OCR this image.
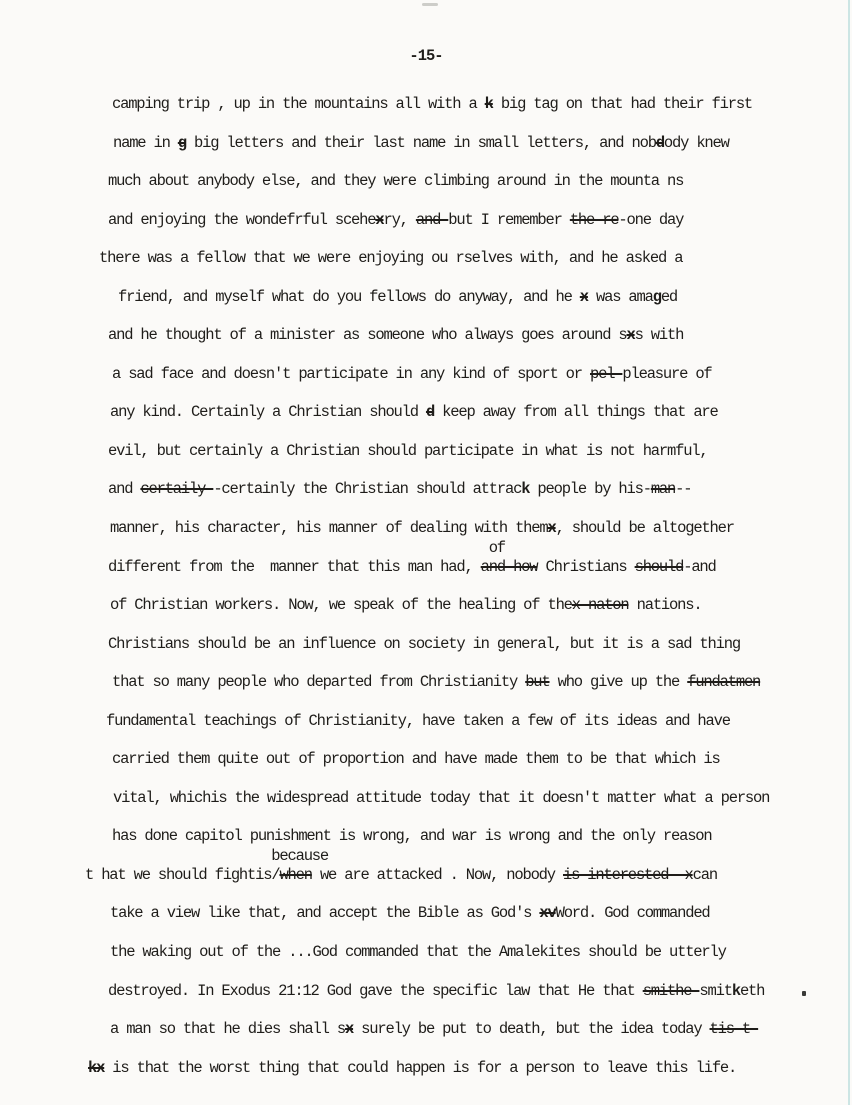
-15-
camping trip , up in the mountains all with a k big tag on that had their first
name in g big letters and their last name in small letters, and nobdody knew
much about anybody else, and they were climbing around in the mounta ns
and enjoying the wondefrful scehexry, and-but I remember the-re-one day
there was a fellow that we were enjoying ou rselves with, and he asked a
friend, and myself what do you fellows do anyway, and he x was amaged
and he thought of a minister as someone who always goes around sxs with
a sad face and doesn't participate in any kind of sport or pel-pleasure of
any kind. Certainly a Christian should d keep away from all things that are
evil, but certainly a Christian should participate in what is not harmful,
and certaily--certainly the Christian should attrack people by his-man--
manner, his character, his manner of dealing with themx, should be altogether
of
different from the  manner that this man had, and-how Christians should-and
of Christian workers. Now, we speak of the healing of thex-naton nations.
Christians should be an influence on society in general, but it is a sad thing
that so many people who departed from Christianity but who give up the fundatmen
fundamental teachings of Christianity, have taken a few of its ideas and have
carried them quite out of proportion and have made them to be that which is
vital, whichis the widespread attitude today that it doesn't matter what a person
has done capitol punishment is wrong, and war is wrong and the only reason
because
t hat we should fightis/when we are attacked . Now, nobody is interested--xcan
take a view like that, and accept the Bible as God's xvWord. God commanded
the waking out of the ...God commanded that the Amalekites should be utterly
destroyed. In Exodus 21:12 God gave the specific law that He that smithe-smitketh
a man so that he dies shall sx surely be put to death, but the idea today tis-t-
kx is that the worst thing that could happen is for a person to leave this life.
